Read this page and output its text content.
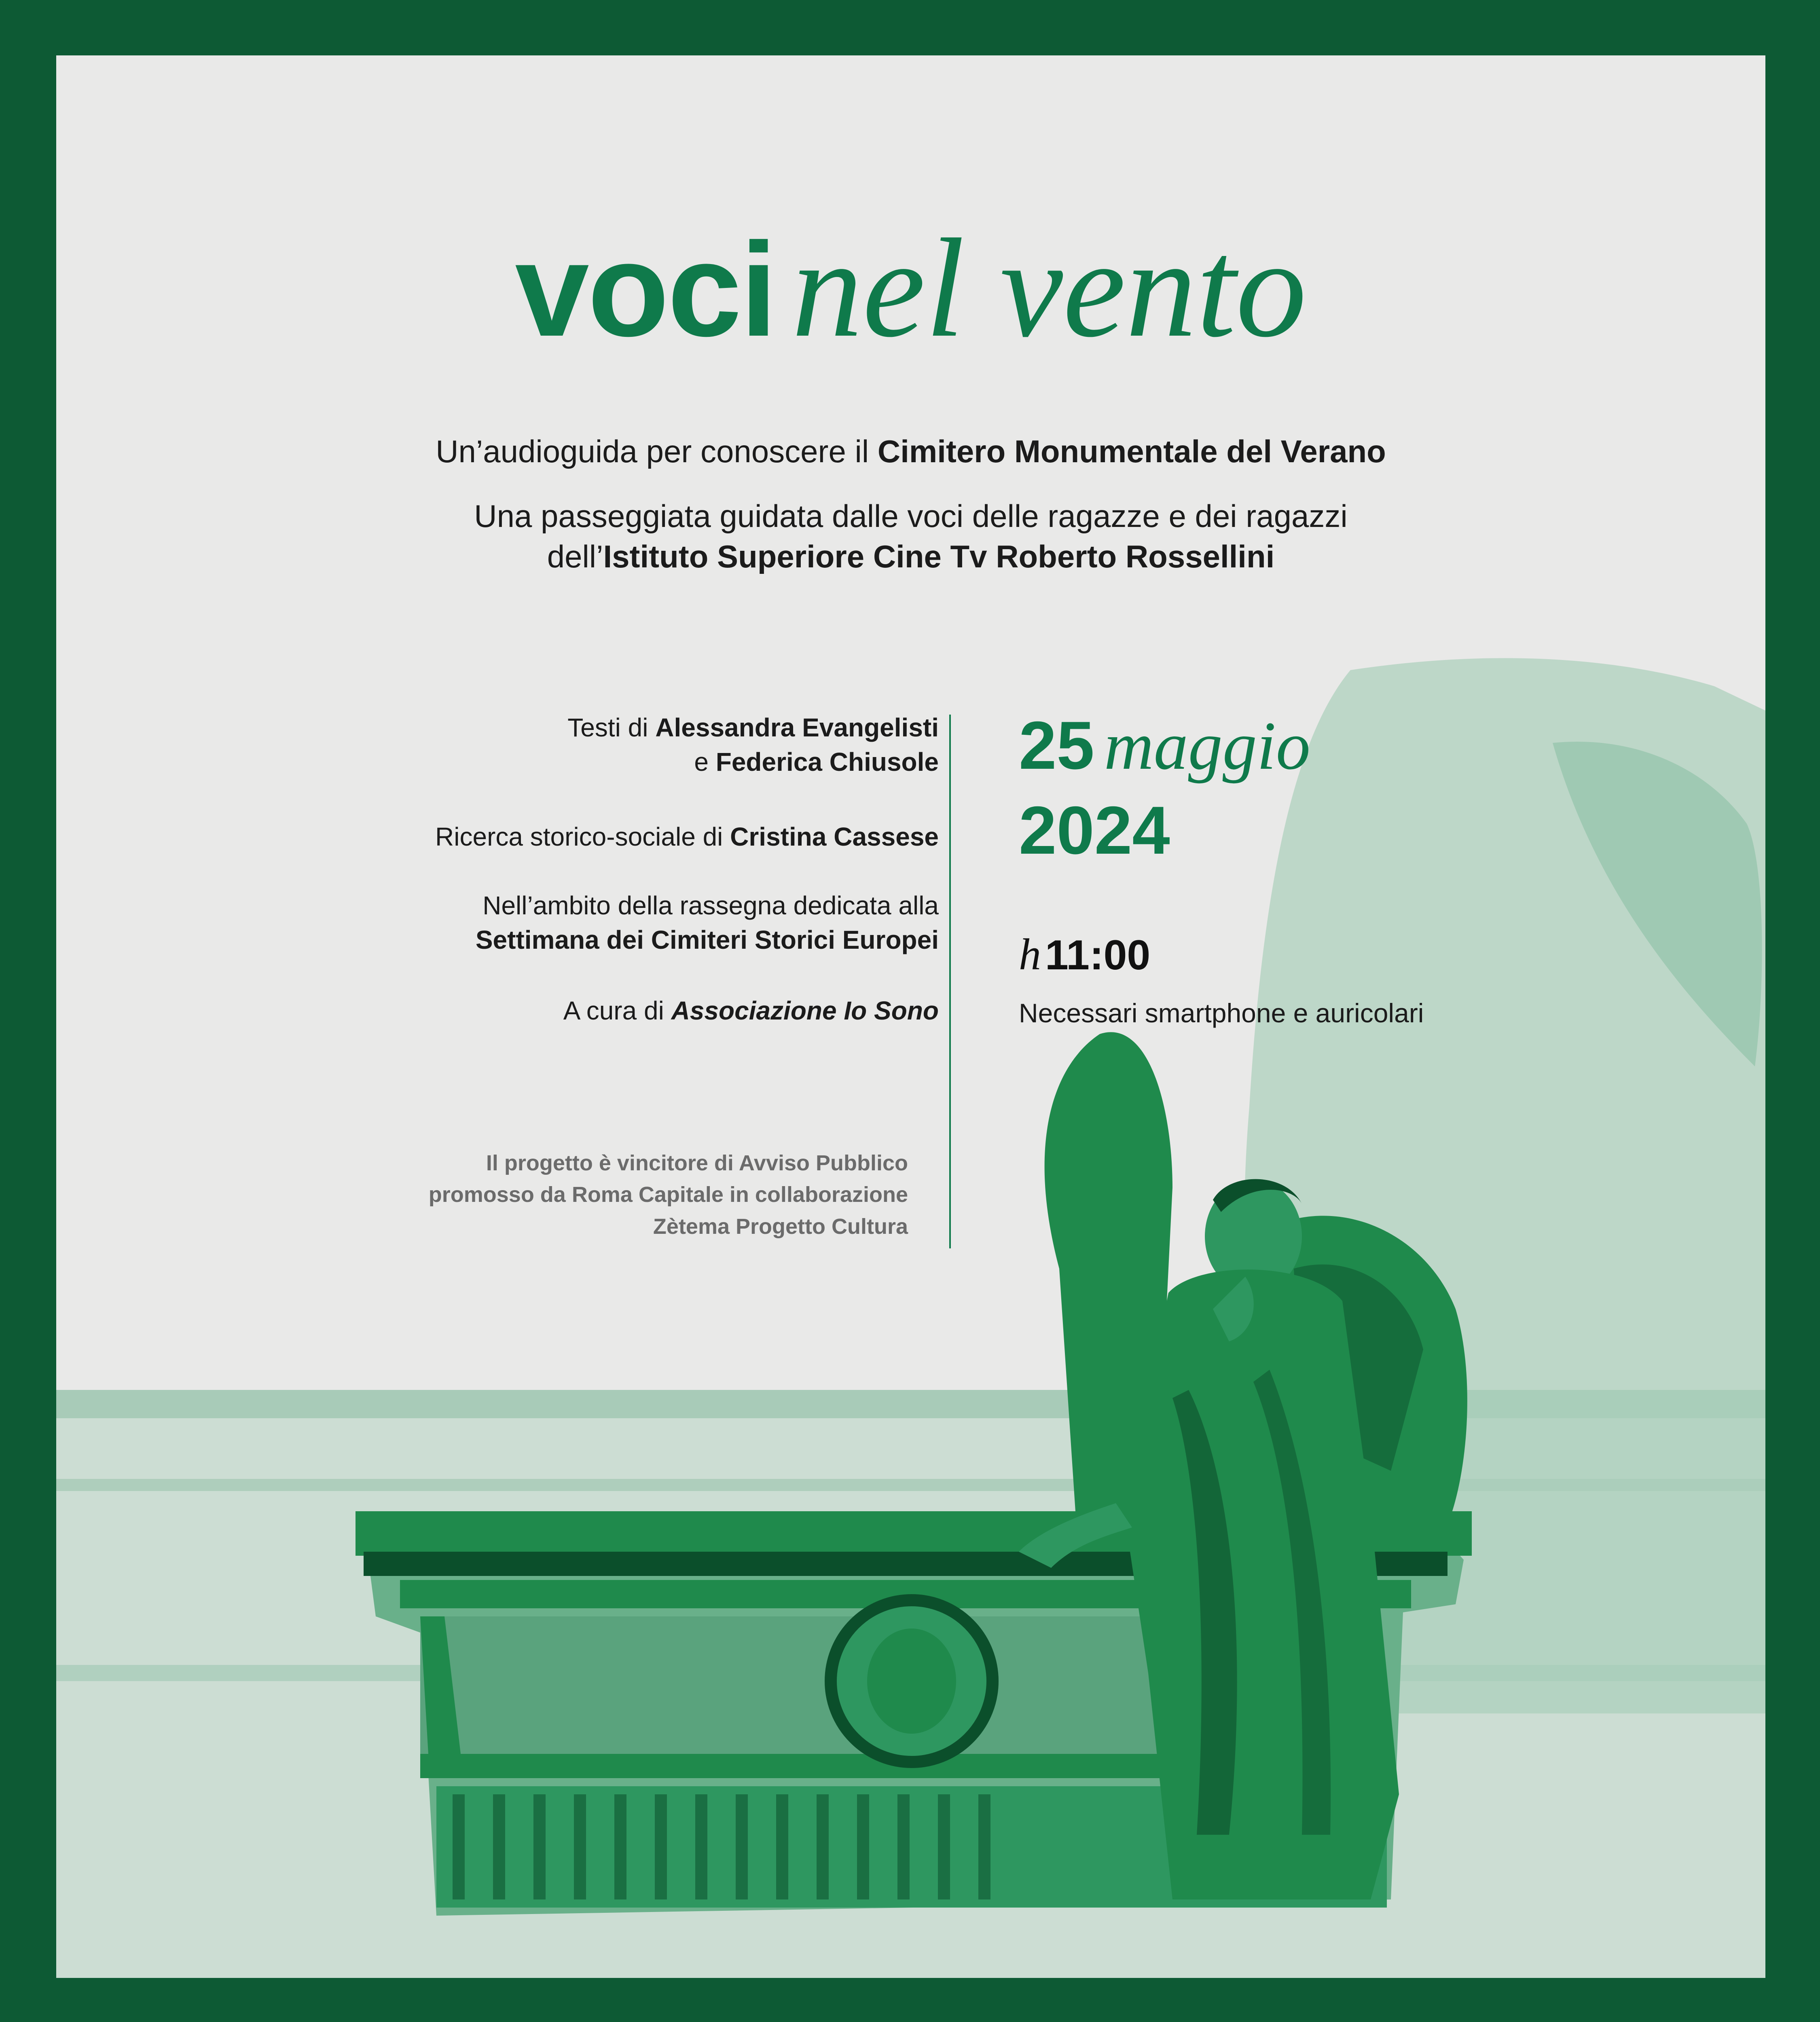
voci nel vento
Un’audioguida per conoscere il Cimitero Monumentale del Verano
Una passeggiata guidata dalle voci delle ragazze e dei ragazzi
dell’Istituto Superiore Cine Tv Roberto Rossellini
Testi di Alessandra Evangelisti
e Federica Chiusole
Ricerca storico-sociale di Cristina Cassese
Nell’ambito della rassegna dedicata alla
Settimana dei Cimiteri Storici Europei
A cura di Associazione Io Sono
25 maggio
2024
h11:00
Necessari smartphone e auricolari
Il progetto è vincitore di Avviso Pubblico
promosso da Roma Capitale in collaborazione
Zètema Progetto Cultura
